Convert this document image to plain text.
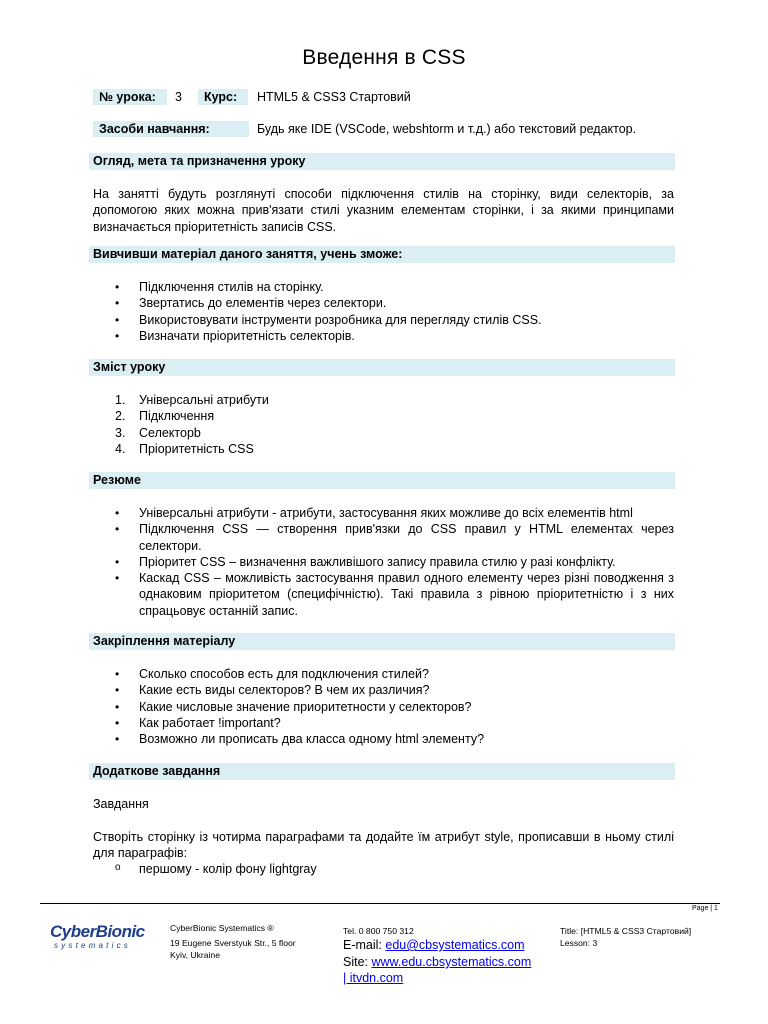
Введення в CSS
№ урока:	3	Курс:	HTML5 & CSS3 Стартовий
Засоби навчання:	Будь яке IDE (VSCode, webshtorm и т.д.) або текстовий редактор.
Огляд, мета та призначення уроку

На занятті будуть розглянуті способи підключення стилів на сторінку, види селекторів, за допомогою яких можна прив'язати стилі указним елементам сторінки, і за якими принципами визначається пріоритетність записів CSS.

Вивчивши матеріал даного заняття, учень зможе:
• Підключення стилів на сторінку.
• Звертатись до елементів через селектори.
• Використовувати інструменти розробника для перегляду стилів CSS.
• Визначати пріоритетність селекторів.
Зміст уроку
1. Універсальні атрибути
2. Підключення
3. Селекторb
4. Пріоритетність CSS
Резюме
• Універсальні атрибути - атрибути, застосування яких можливе до всіх елементів html
• Підключення CSS — створення прив'язки до CSS правил у HTML елементах через селектори.
• Пріоритет CSS – визначення важливішого запису правила стилю у разі конфлікту.
• Каскад CSS – можливість застосування правил одного елементу через різні поводження з однаковим пріоритетом (специфічністю). Такі правила з рівною пріоритетністю і з них спрацьовує останній запис.
Закріплення матеріалу
• Сколько способов есть для подключения стилей?
• Какие есть виды селекторов? В чем их различия?
• Какие числовые значение приоритетности у селекторов?
• Как работает !important?
• Возможно ли прописать два класса одному html элементу?
Додаткове завдання

Завдання

Створіть сторінку із чотирма параграфами та додайте їм атрибут style, прописавши в ньому стилі для параграфів:

o першому - колір фону lightgray
Page | 1
CyberBionic
systematics
CyberBionic Systematics ®
19 Eugene Sverstyuk Str., 5 floor
Kyiv, Ukraine
Tel. 0 800 750 312
E-mail: edu@cbsystematics.com
Site: www.edu.cbsystematics.com
| itvdn.com
Title: [HTML5 & CSS3 Стартовий]
Lesson: 3
